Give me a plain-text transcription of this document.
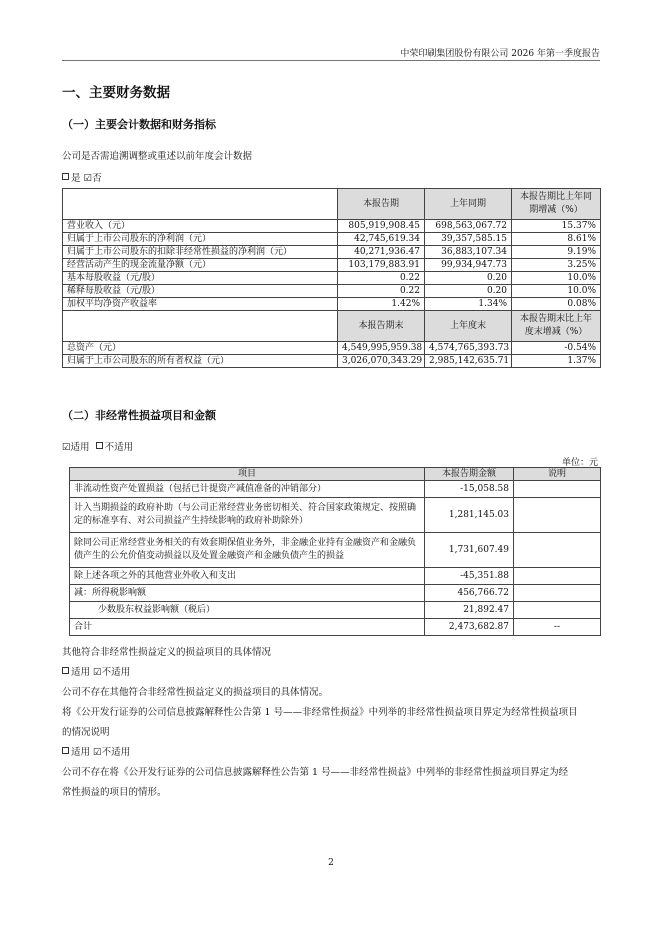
中荣印刷集团股份有限公司 2026 年第一季度报告
一、主要财务数据
（一）主要会计数据和财务指标
公司是否需追溯调整或重述以前年度会计数据
是 ☑否
	本报告期	上年同期	本报告期比上年同期增减（%）
营业收入（元）	805,919,908.45	698,563,067.72	15.37%
归属于上市公司股东的净利润（元）	42,745,619.34	39,357,585.15	8.61%
归属于上市公司股东的扣除非经常性损益的净利润（元）	40,271,936.47	36,883,107.34	9.19%
经营活动产生的现金流量净额（元）	103,179,883.91	99,934,947.73	3.25%
基本每股收益（元/股）	0.22	0.20	10.0%
稀释每股收益（元/股）	0.22	0.20	10.0%
加权平均净资产收益率	1.42%	1.34%	0.08%
	本报告期末	上年度末	本报告期末比上年度末增减（%）
总资产（元）	4,549,995,959.38	4,574,765,393.73	-0.54%
归属于上市公司股东的所有者权益（元）	3,026,070,343.29	2,985,142,635.71	1.37%
（二）非经常性损益项目和金额
☑适用 不适用
单位：元
项目	本报告期金额	说明
非流动性资产处置损益（包括已计提资产减值准备的冲销部分）	-15,058.58	
计入当期损益的政府补助（与公司正常经营业务密切相关、符合国家政策规定、按照确定的标准享有、对公司损益产生持续影响的政府补助除外）	1,281,145.03	
除同公司正常经营业务相关的有效套期保值业务外，非金融企业持有金融资产和金融负债产生的公允价值变动损益以及处置金融资产和金融负债产生的损益	1,731,607.49	
除上述各项之外的其他营业外收入和支出	-45,351.88	
减：所得税影响额	456,766.72	
少数股东权益影响额（税后）	21,892.47	
合计	2,473,682.87	--
其他符合非经常性损益定义的损益项目的具体情况
适用 ☑不适用
公司不存在其他符合非经常性损益定义的损益项目的具体情况。
将《公开发行证券的公司信息披露解释性公告第 1 号——非经常性损益》中列举的非经常性损益项目界定为经常性损益项目
的情况说明
适用 ☑不适用
公司不存在将《公开发行证券的公司信息披露解释性公告第 1 号——非经常性损益》中列举的非经常性损益项目界定为经
常性损益的项目的情形。
2
